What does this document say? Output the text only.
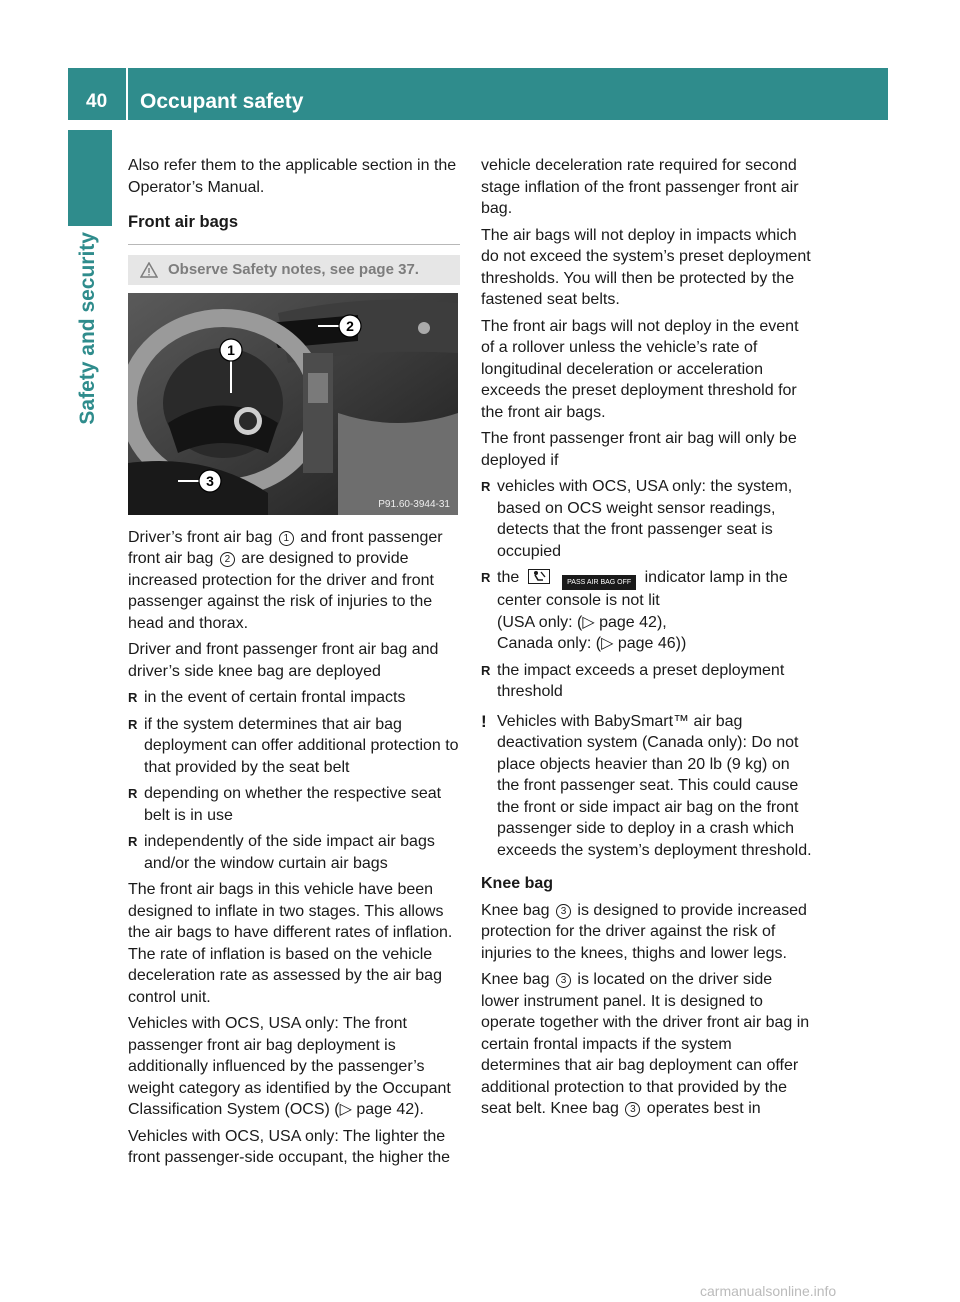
40	Occupant safety
Safety and security

Also refer them to the applicable section in the Operator’s Manual.

Front air bags
Observe Safety notes, see page 37.
2
1
3
P91.60-3944-31

Driver’s front air bag 1 and front passenger front air bag 2 are designed to provide increased protection for the driver and front passenger against the risk of injuries to the head and thorax.

Driver and front passenger front air bag and driver’s side knee bag are deployed

R in the event of certain frontal impacts
R if the system determines that air bag deployment can offer additional protection to that provided by the seat belt
R depending on whether the respective seat belt is in use
R independently of the side impact air bags and/or the window curtain air bags

The front air bags in this vehicle have been designed to inflate in two stages. This allows the air bags to have different rates of inflation. The rate of inflation is based on the vehicle deceleration rate as assessed by the air bag control unit.

Vehicles with OCS, USA only: The front passenger front air bag deployment is additionally influenced by the passenger’s weight category as identified by the Occupant Classification System (OCS) (▷ page 42).

Vehicles with OCS, USA only: The lighter the front passenger-side occupant, the higher the

vehicle deceleration rate required for second stage inflation of the front passenger front air bag.

The air bags will not deploy in impacts which do not exceed the system’s preset deployment thresholds. You will then be protected by the fastened seat belts.

The front air bags will not deploy in the event of a rollover unless the vehicle’s rate of longitudinal deceleration or acceleration exceeds the preset deployment threshold for the front air bags.

The front passenger front air bag will only be deployed if

R vehicles with OCS, USA only: the system, based on OCS weight sensor readings, detects that the front passenger seat is occupied
R the	PASS AIR BAG OFF indicator lamp in the center console is not lit
(USA only: (▷ page 42),
Canada only: (▷ page 46))
R the impact exceeds a preset deployment threshold
! Vehicles with BabySmart™ air bag deactivation system (Canada only): Do not place objects heavier than 20 lb (9 kg) on the front passenger seat. This could cause the front or side impact air bag on the front passenger side to deploy in a crash which exceeds the system’s deployment threshold.
Knee bag

Knee bag 3 is designed to provide increased protection for the driver against the risk of injuries to the knees, thighs and lower legs.

Knee bag 3 is located on the driver side lower instrument panel. It is designed to operate together with the driver front air bag in certain frontal impacts if the system determines that air bag deployment can offer additional protection to that provided by the seat belt. Knee bag 3 operates best in

carmanualsonline.info
